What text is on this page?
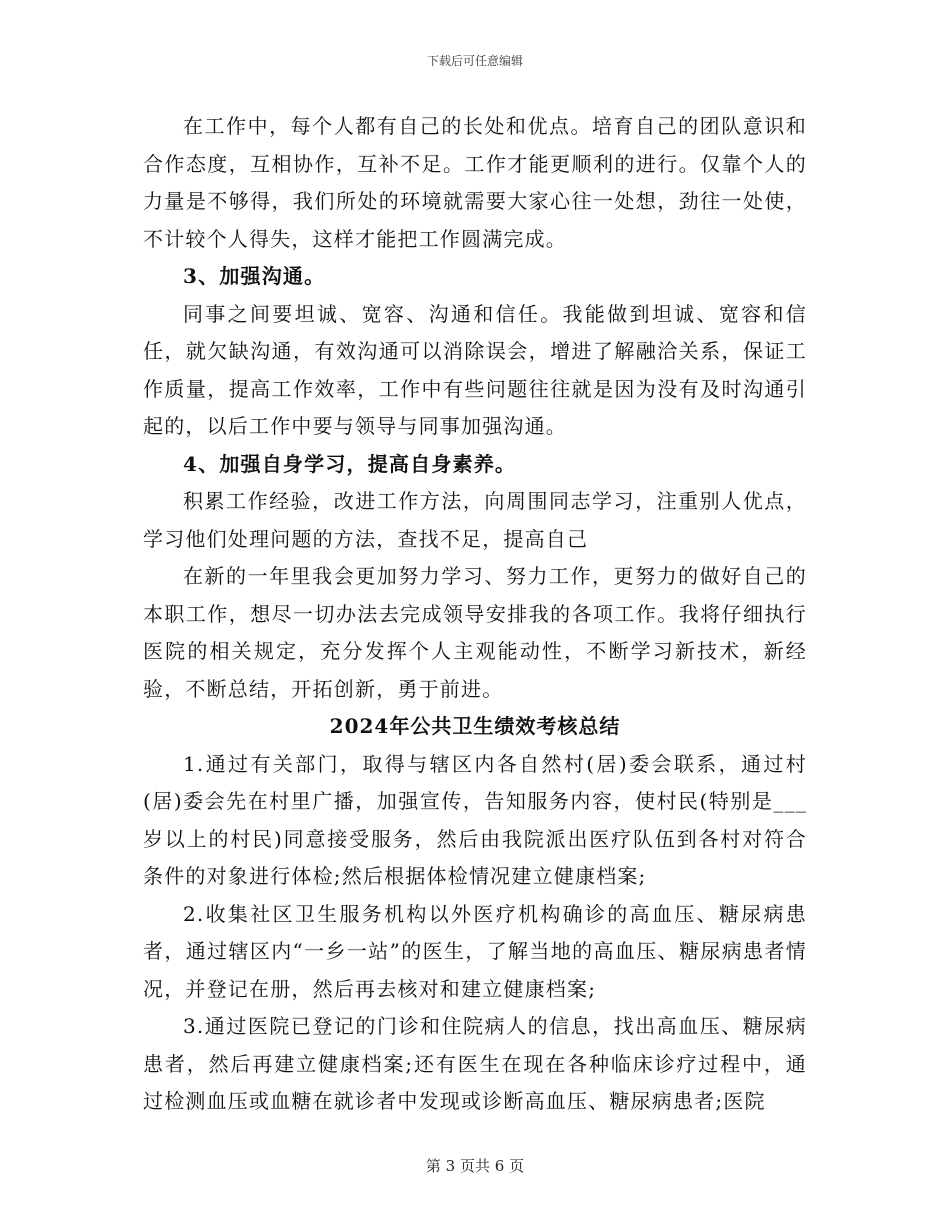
下载后可任意编辑

在工作中，每个人都有自己的长处和优点。培育自己的团队意识和合作态度，互相协作，互补不足。工作才能更顺利的进行。仅靠个人的力量是不够得，我们所处的环境就需要大家心往一处想，劲往一处使，不计较个人得失，这样才能把工作圆满完成。

3、加强沟通。

同事之间要坦诚、宽容、沟通和信任。我能做到坦诚、宽容和信任，就欠缺沟通，有效沟通可以消除误会，增进了解融洽关系，保证工作质量，提高工作效率，工作中有些问题往往就是因为没有及时沟通引起的，以后工作中要与领导与同事加强沟通。

4、加强自身学习，提高自身素养。

积累工作经验，改进工作方法，向周围同志学习，注重别人优点，学习他们处理问题的方法，查找不足，提高自己

在新的一年里我会更加努力学习、努力工作，更努力的做好自己的本职工作，想尽一切办法去完成领导安排我的各项工作。我将仔细执行医院的相关规定，充分发挥个人主观能动性，不断学习新技术，新经验，不断总结，开拓创新，勇于前进。

2024年公共卫生绩效考核总结

1.通过有关部门，取得与辖区内各自然村(居)委会联系，通过村(居)委会先在村里广播，加强宣传，告知服务内容，使村民(特别是___岁以上的村民)同意接受服务，然后由我院派出医疗队伍到各村对符合条件的对象进行体检;然后根据体检情况建立健康档案;

2.收集社区卫生服务机构以外医疗机构确诊的高血压、糖尿病患者，通过辖区内“一乡一站”的医生，了解当地的高血压、糖尿病患者情况，并登记在册，然后再去核对和建立健康档案;

3.通过医院已登记的门诊和住院病人的信息，找出高血压、糖尿病患者，然后再建立健康档案;还有医生在现在各种临床诊疗过程中，通过检测血压或血糖在就诊者中发现或诊断高血压、糖尿病患者;医院

第 3 页共 6 页
